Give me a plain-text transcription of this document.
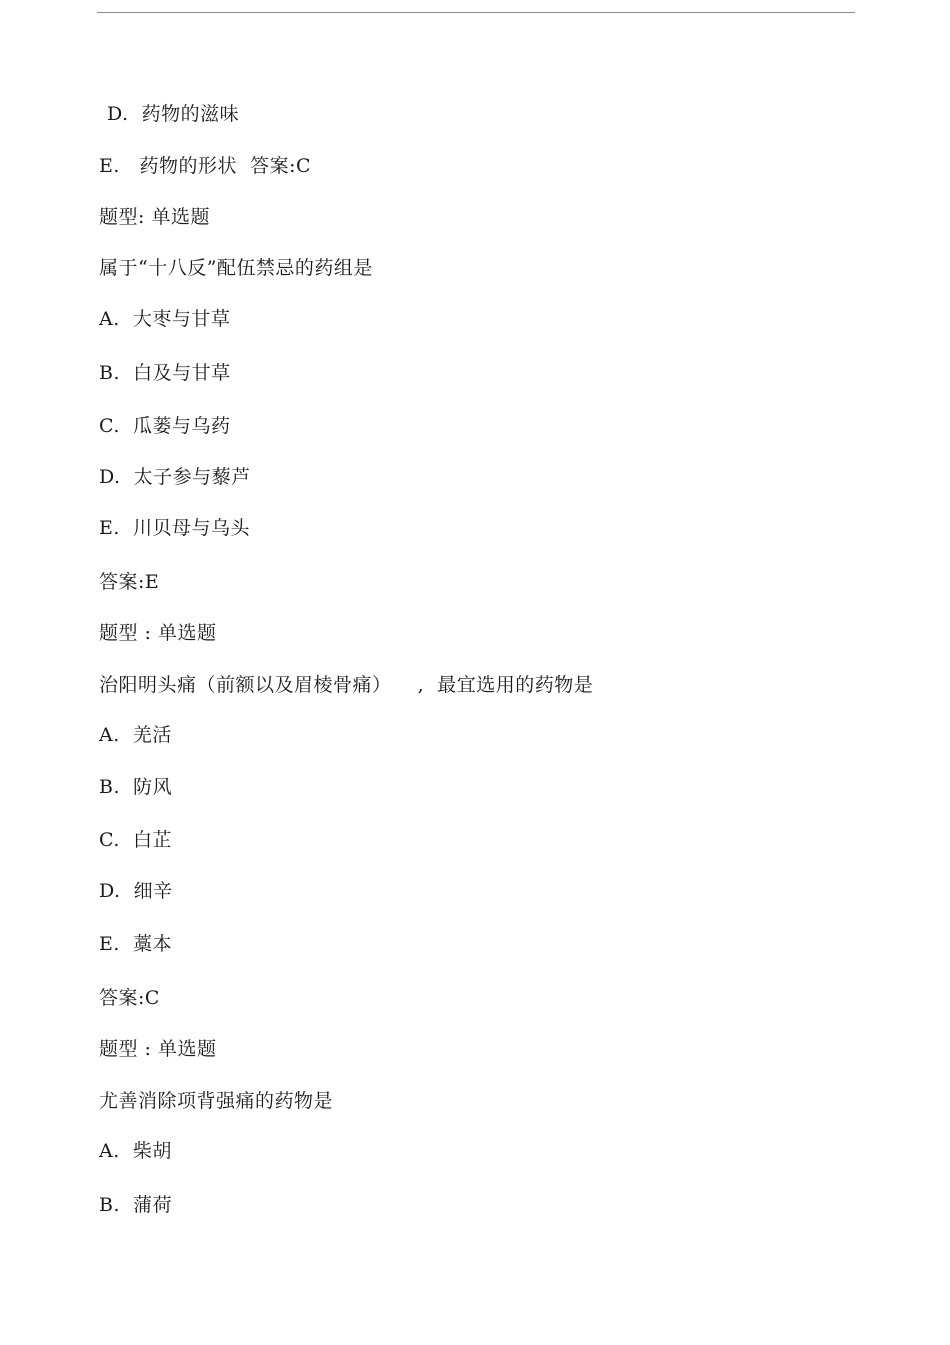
D.  药物的滋味
E.   药物的形状  答案:C
题型: 单选题
属于“十八反”配伍禁忌的药组是
A.  大枣与甘草
B.  白及与甘草
C.  瓜蒌与乌药
D.  太子参与藜芦
E.  川贝母与乌头
答案:E
题型 : 单选题
治阳明头痛（前额以及眉棱骨痛）    ,  最宜选用的药物是
A.  羌活
B.  防风
C.  白芷
D.  细辛
E.  藁本
答案:C
题型 : 单选题
尤善消除项背强痛的药物是
A.  柴胡
B.  蒲荷
